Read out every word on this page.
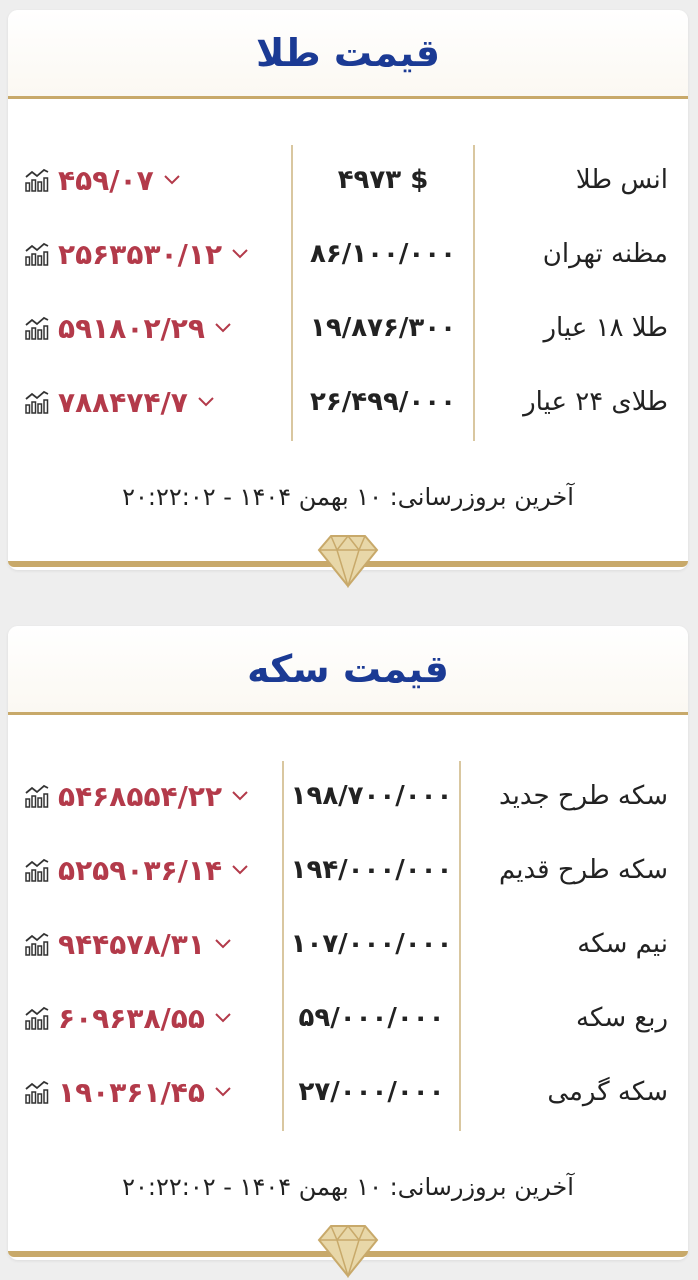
قیمت طلا
۴۵۹/۰۷	۴۹۷۳ $	انس طلا
۲۵۶۳۵۳۰/۱۲	۸۶/۱۰۰/۰۰۰	مظنه تهران
۵۹۱۸۰۲/۲۹	۱۹/۸۷۶/۳۰۰	طلا ۱۸ عیار
۷۸۸۴۷۴/۷	۲۶/۴۹۹/۰۰۰	طلای ۲۴ عیار
آخرین بروزرسانی: ۱۰ بهمن ۱۴۰۴ - ۲۰:۲۲:۰۲
قیمت سکه
۵۴۶۸۵۵۴/۲۲	۱۹۸/۷۰۰/۰۰۰ سکه طرح جدید
۵۲۵۹۰۳۶/۱۴	۱۹۴/۰۰۰/۰۰۰ سکه طرح قدیم
۹۴۴۵۷۸/۳۱	۱۰۷/۰۰۰/۰۰۰	نیم سکه
۶۰۹۶۳۸/۵۵	۵۹/۰۰۰/۰۰۰	ربع سکه
۱۹۰۳۶۱/۴۵	۲۷/۰۰۰/۰۰۰	سکه گرمی
آخرین بروزرسانی: ۱۰ بهمن ۱۴۰۴ - ۲۰:۲۲:۰۲
